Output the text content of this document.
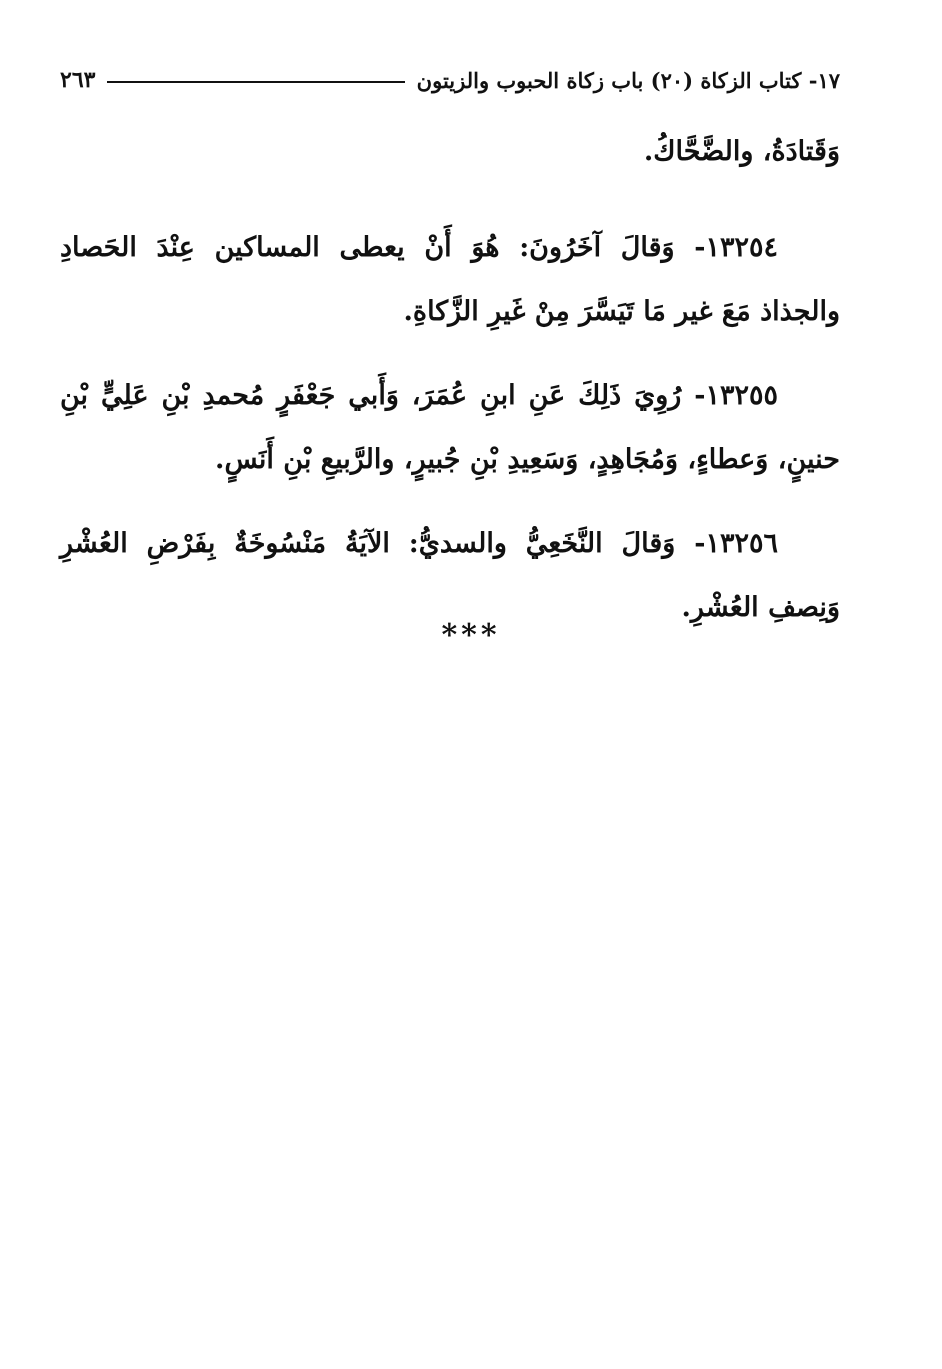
١٧- كتاب الزكاة (٢٠) باب زكاة الحبوب والزيتون
٢٦٣

وَقَتادَةُ، والضَّحَّاكُ.

١٣٢٥٤- وَقالَ آخَرُونَ: هُوَ أَنْ يعطى المساكين عِنْدَ الحَصادِ والجذاذ مَعَ غير مَا تَيَسَّرَ مِنْ غَيرِ الزَّكاةِ.

١٣٢٥٥- رُوِيَ ذَلِكَ عَنِ ابنِ عُمَرَ، وَأَبي جَعْفَرٍ مُحمدِ بْنِ عَلِيٍّ بْنِ حنينٍ، وَعطاءٍ، وَمُجَاهِدٍ، وَسَعِيدِ بْنِ جُبيرٍ، والرَّبيعِ بْنِ أَنَسٍ.

١٣٢٥٦- وَقالَ النَّخَعِيُّ والسديُّ: الآيَةُ مَنْسُوخَةٌ بِفَرْضِ العُشْرِ وَنِصفِ العُشْرِ.

***
